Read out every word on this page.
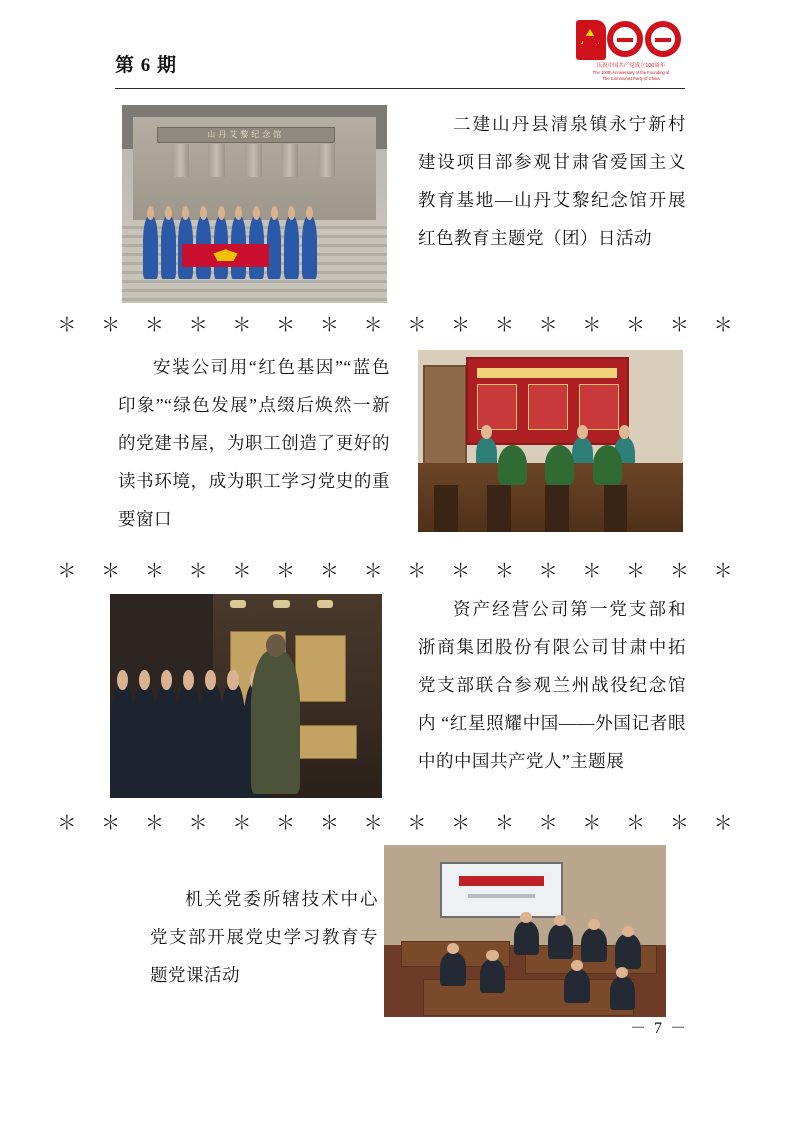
第 6 期	庆祝中国共产党成立100周年
The 100th Anniversary of the Founding of
The Communist Party of China
山丹艾黎纪念馆
二建山丹县清泉镇永宁新村建设项目部参观甘肃省爱国主义教育基地—山丹艾黎纪念馆开展红色教育主题党（团）日活动
＊ ＊ ＊ ＊ ＊ ＊ ＊ ＊ ＊ ＊ ＊ ＊ ＊ ＊ ＊ ＊
安装公司用“红色基因”“蓝色印象”“绿色发展”点缀后焕然一新的党建书屋，为职工创造了更好的读书环境，成为职工学习党史的重要窗口
＊ ＊ ＊ ＊ ＊ ＊ ＊ ＊ ＊ ＊ ＊ ＊ ＊ ＊ ＊ ＊
资产经营公司第一党支部和浙商集团股份有限公司甘肃中拓党支部联合参观兰州战役纪念馆内 “红星照耀中国——外国记者眼中的中国共产党人”主题展
＊ ＊ ＊ ＊ ＊ ＊ ＊ ＊ ＊ ＊ ＊ ＊ ＊ ＊ ＊ ＊
机关党委所辖技术中心党支部开展党史学习教育专题党课活动
－ 7 －
